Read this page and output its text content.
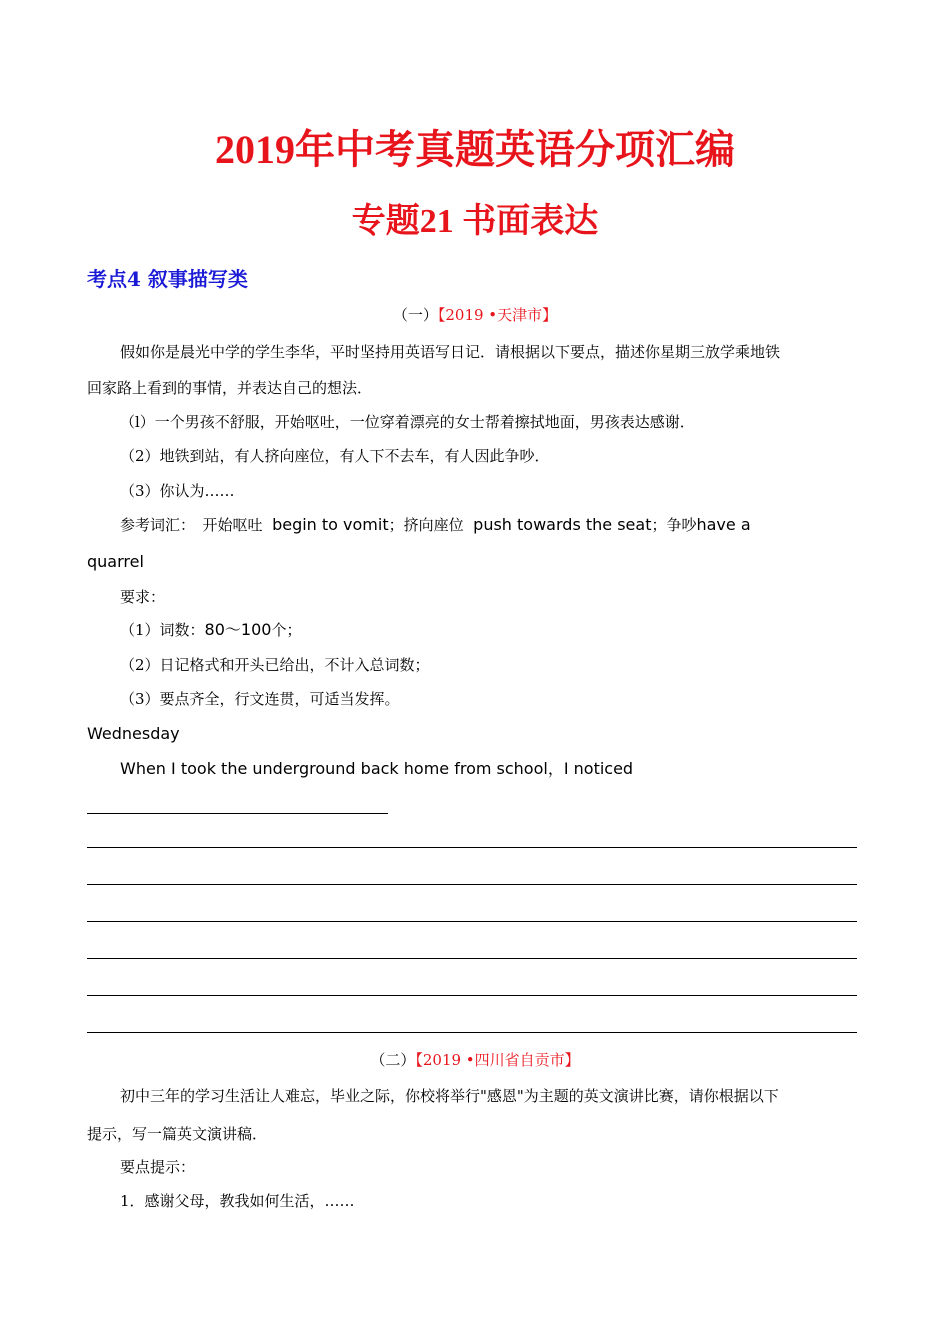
2019年中考真题英语分项汇编
专题21 书面表达
考点4 叙事描写类
（一）【2019 •天津市】
假如你是晨光中学的学生李华，平时坚持用英语写日记．请根据以下要点，描述你星期三放学乘地铁
回家路上看到的事情，并表达自己的想法．
（l）一个男孩不舒服，开始呕吐，一位穿着漂亮的女士帮着擦拭地面，男孩表达感谢．
（2）地铁到站，有人挤向座位，有人下不去车，有人因此争吵．
（3）你认为……
参考词汇：　开始呕吐 begin to vomit；挤向座位 push towards the seat；争吵have a
quarrel
要求：
（1）词数：80～100个；
（2）日记格式和开头已给出，不计入总词数；
（3）要点齐全，行文连贯，可适当发挥。
Wednesday
When I took the underground back home from school，I noticed
（二）【2019 •四川省自贡市】
初中三年的学习生活让人难忘，毕业之际，你校将举行"感恩"为主题的英文演讲比赛，请你根据以下
提示，写一篇英文演讲稿．
要点提示：
1．感谢父母，教我如何生活，……
